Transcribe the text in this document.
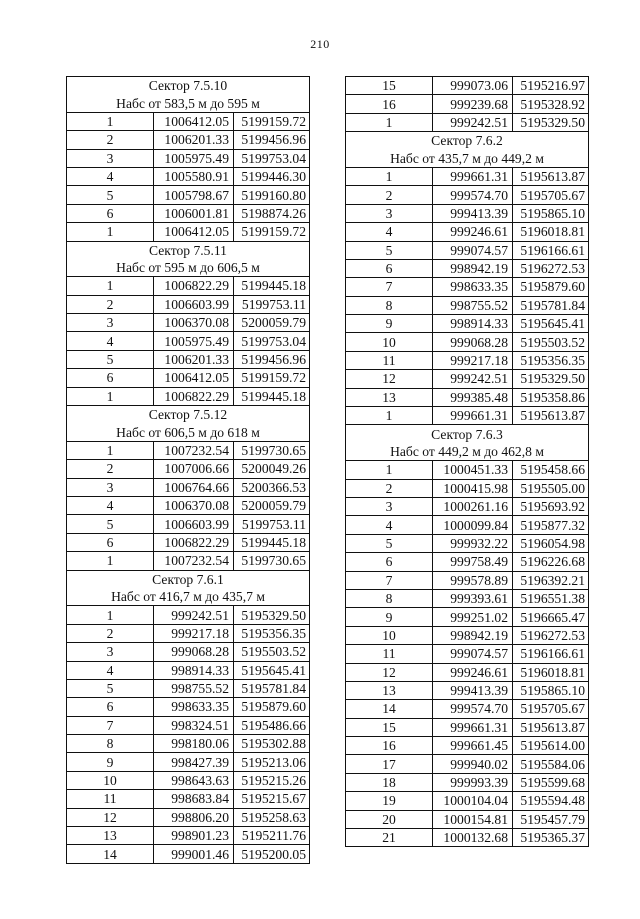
210
Сектор 7.5.10		
Набс от 583,5 м до 595 м		
1	1006412.05	5199159.72
2	1006201.33	5199456.96
3	1005975.49	5199753.04
4	1005580.91	5199446.30
5	1005798.67	5199160.80
6	1006001.81	5198874.26
1	1006412.05	5199159.72
Сектор 7.5.11		
Набс от 595 м до 606,5 м		
1	1006822.29	5199445.18
2	1006603.99	5199753.11
3	1006370.08	5200059.79
4	1005975.49	5199753.04
5	1006201.33	5199456.96
6	1006412.05	5199159.72
1	1006822.29	5199445.18
Сектор 7.5.12		
Набс от 606,5 м до 618 м		
1	1007232.54	5199730.65
2	1007006.66	5200049.26
3	1006764.66	5200366.53
4	1006370.08	5200059.79
5	1006603.99	5199753.11
6	1006822.29	5199445.18
1	1007232.54	5199730.65
Сектор 7.6.1		
Набс от 416,7 м до 435,7 м		
1	999242.51	5195329.50
2	999217.18	5195356.35
3	999068.28	5195503.52
4	998914.33	5195645.41
5	998755.52	5195781.84
6	998633.35	5195879.60
7	998324.51	5195486.66
8	998180.06	5195302.88
9	998427.39	5195213.06
10	998643.63	5195215.26
11	998683.84	5195215.67
12	998806.20	5195258.63
13	998901.23	5195211.76
14	999001.46	5195200.05
15	999073.06	5195216.97
16	999239.68	5195328.92
1	999242.51	5195329.50
Сектор 7.6.2		
Набс от 435,7 м до 449,2 м		
1	999661.31	5195613.87
2	999574.70	5195705.67
3	999413.39	5195865.10
4	999246.61	5196018.81
5	999074.57	5196166.61
6	998942.19	5196272.53
7	998633.35	5195879.60
8	998755.52	5195781.84
9	998914.33	5195645.41
10	999068.28	5195503.52
11	999217.18	5195356.35
12	999242.51	5195329.50
13	999385.48	5195358.86
1	999661.31	5195613.87
Сектор 7.6.3		
Набс от 449,2 м до 462,8 м		
1	1000451.33	5195458.66
2	1000415.98	5195505.00
3	1000261.16	5195693.92
4	1000099.84	5195877.32
5	999932.22	5196054.98
6	999758.49	5196226.68
7	999578.89	5196392.21
8	999393.61	5196551.38
9	999251.02	5196665.47
10	998942.19	5196272.53
11	999074.57	5196166.61
12	999246.61	5196018.81
13	999413.39	5195865.10
14	999574.70	5195705.67
15	999661.31	5195613.87
16	999661.45	5195614.00
17	999940.02	5195584.06
18	999993.39	5195599.68
19	1000104.04	5195594.48
20	1000154.81	5195457.79
21	1000132.68	5195365.37
